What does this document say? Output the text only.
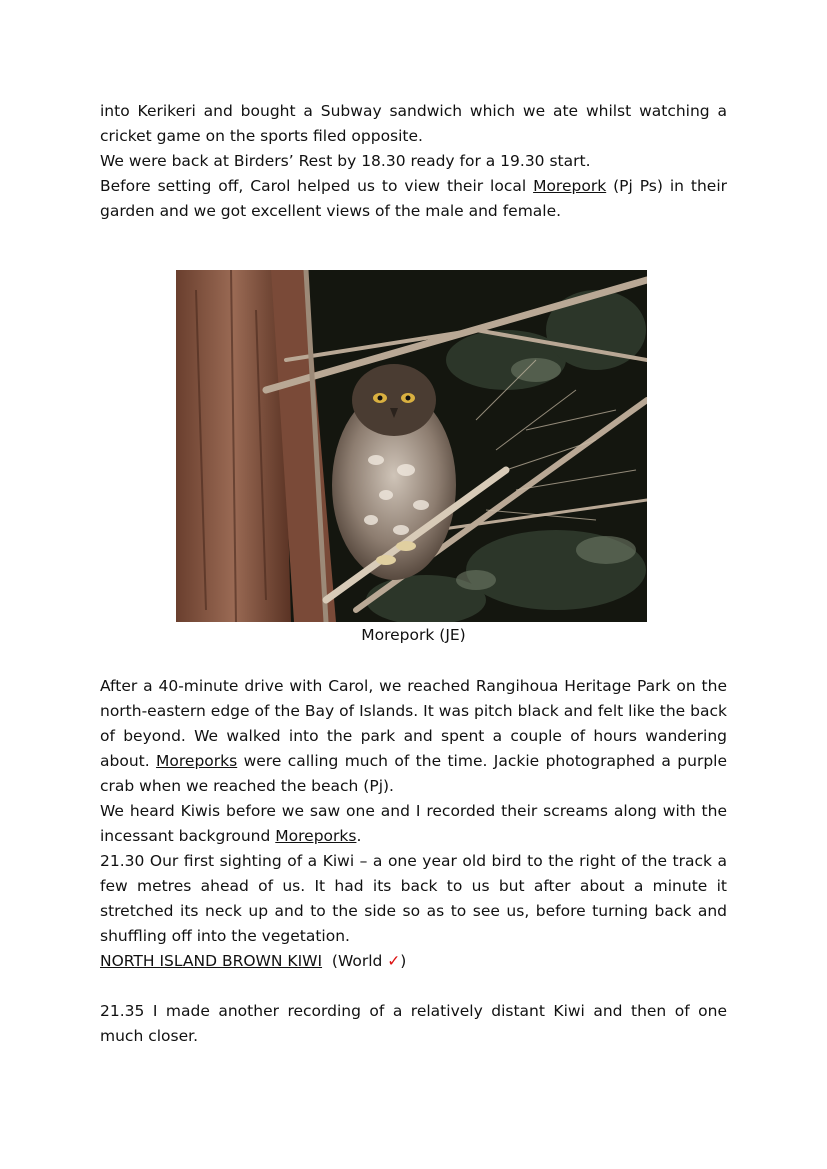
into Kerikeri and bought a Subway sandwich which we ate whilst watching a cricket game on the sports filed opposite.

We were back at Birders’ Rest by 18.30 ready for a 19.30 start.

Before setting off, Carol helped us to view their local Morepork (Pj Ps) in their garden and we got excellent views of the male and female.

Morepork (JE)

After a 40-minute drive with Carol, we reached Rangihoua Heritage Park on the north-eastern edge of the Bay of Islands. It was pitch black and felt like the back of beyond. We walked into the park and spent a couple of hours wandering about. Moreporks were calling much of the time. Jackie photographed a purple crab when we reached the beach (Pj).

We heard Kiwis before we saw one and I recorded their screams along with the incessant background Moreporks.

21.30 Our first sighting of a Kiwi – a one year old bird to the right of the track a few metres ahead of us. It had its back to us but after about a minute it stretched its neck up and to the side so as to see us, before turning back and shuffling off into the vegetation.

NORTH ISLAND BROWN KIWI  (World ✓)

21.35 I made another recording of a relatively distant Kiwi and then of one much closer.
